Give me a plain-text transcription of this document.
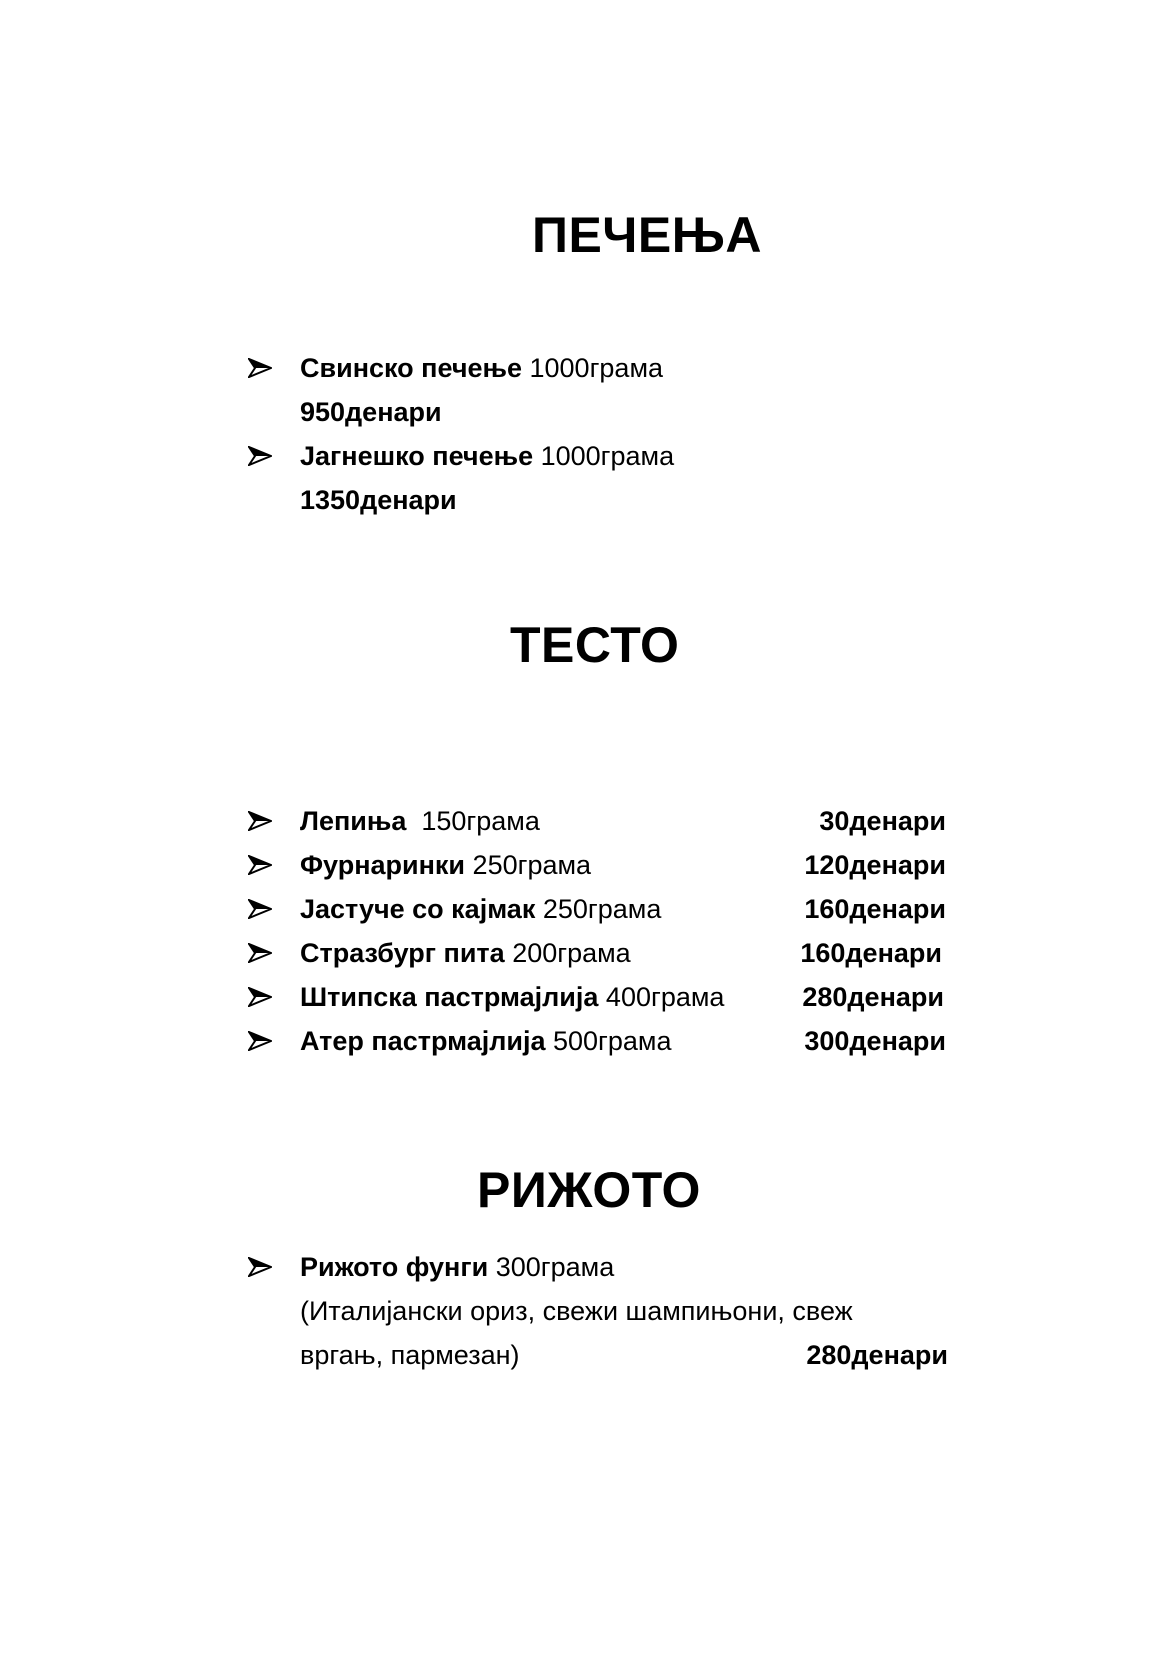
ПЕЧЕЊА
Свинско печење 1000грама
950денари
Јагнешко печење 1000грама
1350денари
ТЕСТО
Лепиња  150грама	30денари
Фурнаринки 250грама	120денари
Јастуче со кајмак 250грама	160денари
Стразбург пита 200грама	160денари
Штипска пастрмајлија 400грама	280денари
Атер пастрмајлија 500грама	300денари
РИЖОТО
Рижото фунги 300грама
(Италијански ориз, свежи шампињони, свеж
вргањ, пармезан)	280денари
